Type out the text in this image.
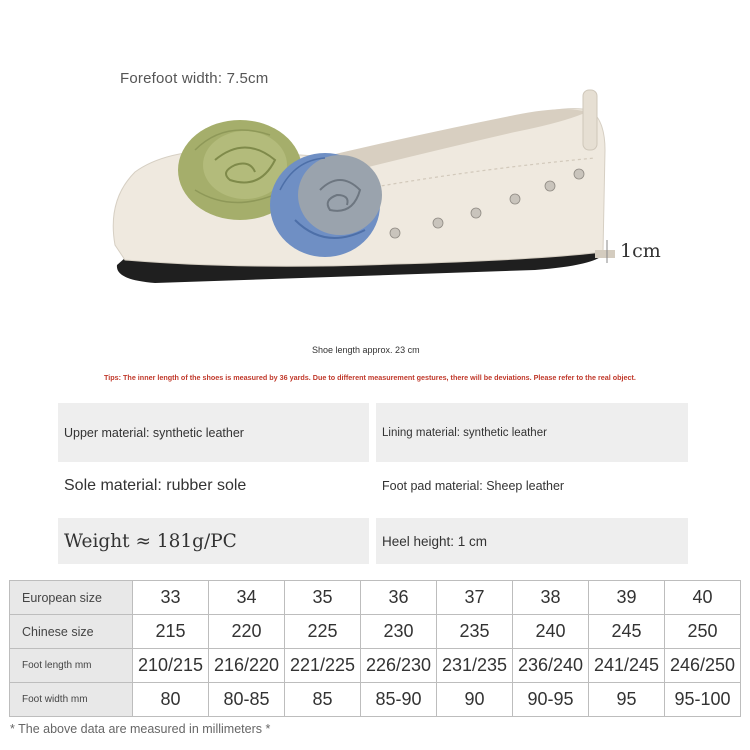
Forefoot width: 7.5cm
1cm
Shoe length approx. 23 cm
Tips: The inner length of the shoes is measured by 36 yards. Due to different measurement gestures, there will be deviations. Please refer to the real object.
Upper material: synthetic leather	Lining material: synthetic leather
Sole material: rubber sole	Foot pad material: Sheep leather
Weight ≈ 181g/PC	Heel height: 1 cm
European size	33	34	35	36	37	38	39	40
Chinese size	215	220	225	230	235	240	245	250
Foot length mm	210/215	216/220	221/225	226/230	231/235	236/240	241/245	246/250
Foot width mm	80	80-85	85	85-90	90	90-95	95	95-100
* The above data are measured in millimeters *
